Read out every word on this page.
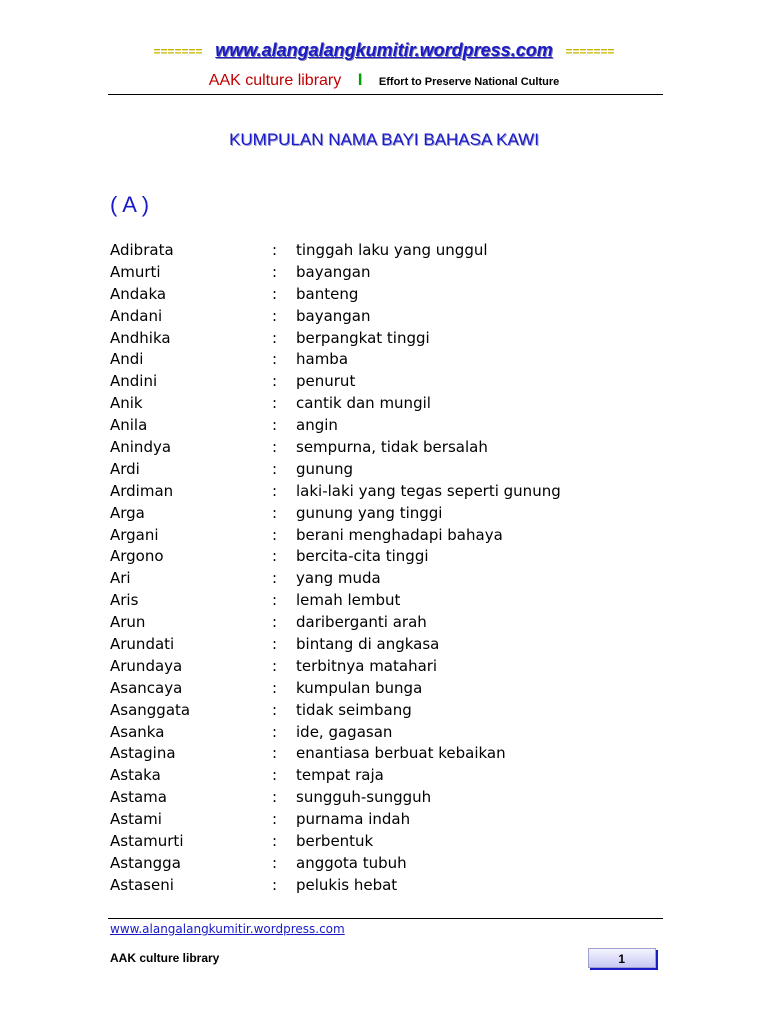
======= www.alangalangkumitir.wordpress.com =======
AAK culture library I Effort to Preserve National Culture
KUMPULAN NAMA BAYI BAHASA KAWI
( A )
Adibrata	: tinggah laku yang unggul
Amurti	: bayangan
Andaka	: banteng
Andani	: bayangan
Andhika	: berpangkat tinggi
Andi	: hamba
Andini	: penurut
Anik	: cantik dan mungil
Anila	: angin
Anindya	: sempurna, tidak bersalah
Ardi	: gunung
Ardiman	: laki-laki yang tegas seperti gunung
Arga	: gunung yang tinggi
Argani	: berani menghadapi bahaya
Argono	: bercita-cita tinggi
Ari	: yang muda
Aris	: lemah lembut
Arun	: dariberganti arah
Arundati	: bintang di angkasa
Arundaya	: terbitnya matahari
Asancaya	: kumpulan bunga
Asanggata	: tidak seimbang
Asanka	: ide, gagasan
Astagina	: enantiasa berbuat kebaikan
Astaka	: tempat raja
Astama	: sungguh-sungguh
Astami	: purnama indah
Astamurti	: berbentuk
Astangga	: anggota tubuh
Astaseni	: pelukis hebat
www.alangalangkumitir.wordpress.com
AAK culture library	1
